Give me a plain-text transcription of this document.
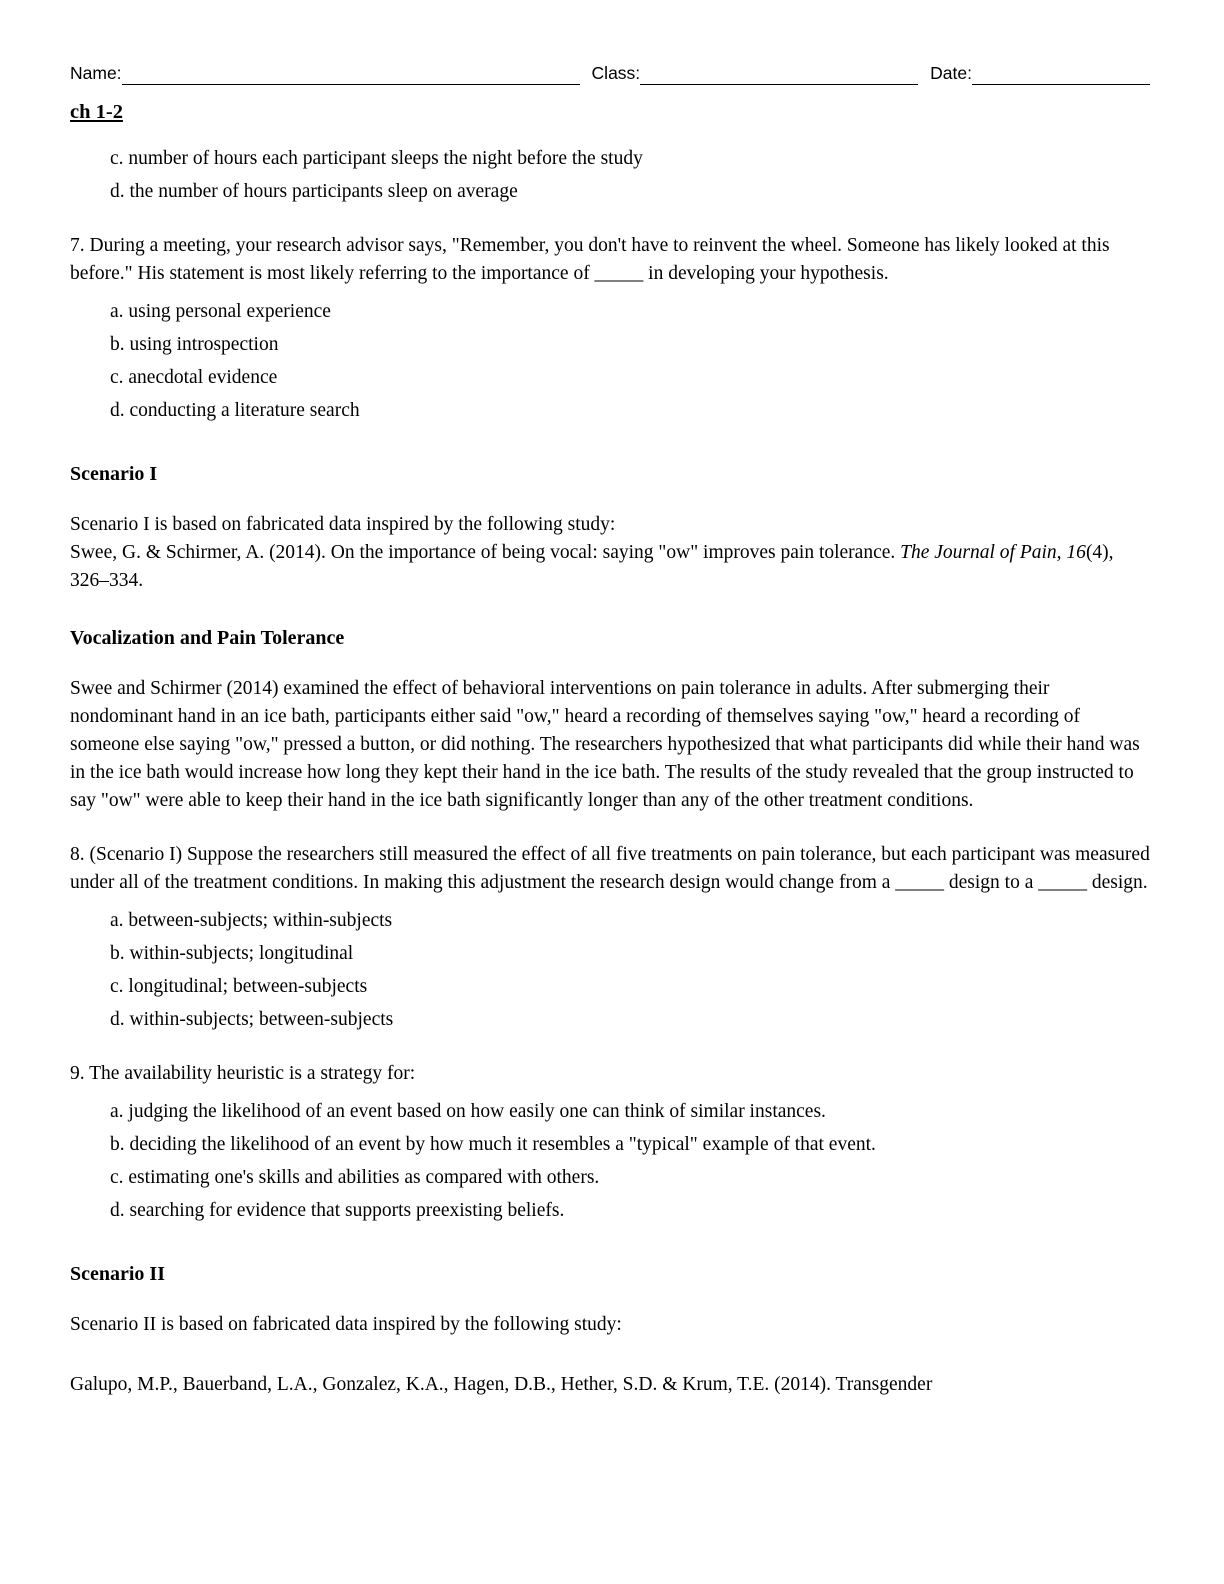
Name:	Class:	Date:
ch 1-2
c. number of hours each participant sleeps the night before the study
d. the number of hours participants sleep on average

7. During a meeting, your research advisor says, "Remember, you don't have to reinvent the wheel. Someone has likely looked at this before." His statement is most likely referring to the importance of _____ in developing your hypothesis.

a. using personal experience
b. using introspection
c. anecdotal evidence
d. conducting a literature search
Scenario I

Scenario I is based on fabricated data inspired by the following study:
Swee, G. & Schirmer, A. (2014). On the importance of being vocal: saying "ow" improves pain tolerance. The Journal of Pain, 16(4), 326–334.

Vocalization and Pain Tolerance

Swee and Schirmer (2014) examined the effect of behavioral interventions on pain tolerance in adults. After submerging their nondominant hand in an ice bath, participants either said "ow," heard a recording of themselves saying "ow," heard a recording of someone else saying "ow," pressed a button, or did nothing. The researchers hypothesized that what participants did while their hand was in the ice bath would increase how long they kept their hand in the ice bath. The results of the study revealed that the group instructed to say "ow" were able to keep their hand in the ice bath significantly longer than any of the other treatment conditions.

8. (Scenario I) Suppose the researchers still measured the effect of all five treatments on pain tolerance, but each participant was measured under all of the treatment conditions. In making this adjustment the research design would change from a _____ design to a _____ design.

a. between-subjects; within-subjects
b. within-subjects; longitudinal
c. longitudinal; between-subjects
d. within-subjects; between-subjects

9. The availability heuristic is a strategy for:

a. judging the likelihood of an event based on how easily one can think of similar instances.
b. deciding the likelihood of an event by how much it resembles a "typical" example of that event.
c. estimating one's skills and abilities as compared with others.
d. searching for evidence that supports preexisting beliefs.
Scenario II

Scenario II is based on fabricated data inspired by the following study:

Galupo, M.P., Bauerband, L.A., Gonzalez, K.A., Hagen, D.B., Hether, S.D. & Krum, T.E. (2014). Transgender
